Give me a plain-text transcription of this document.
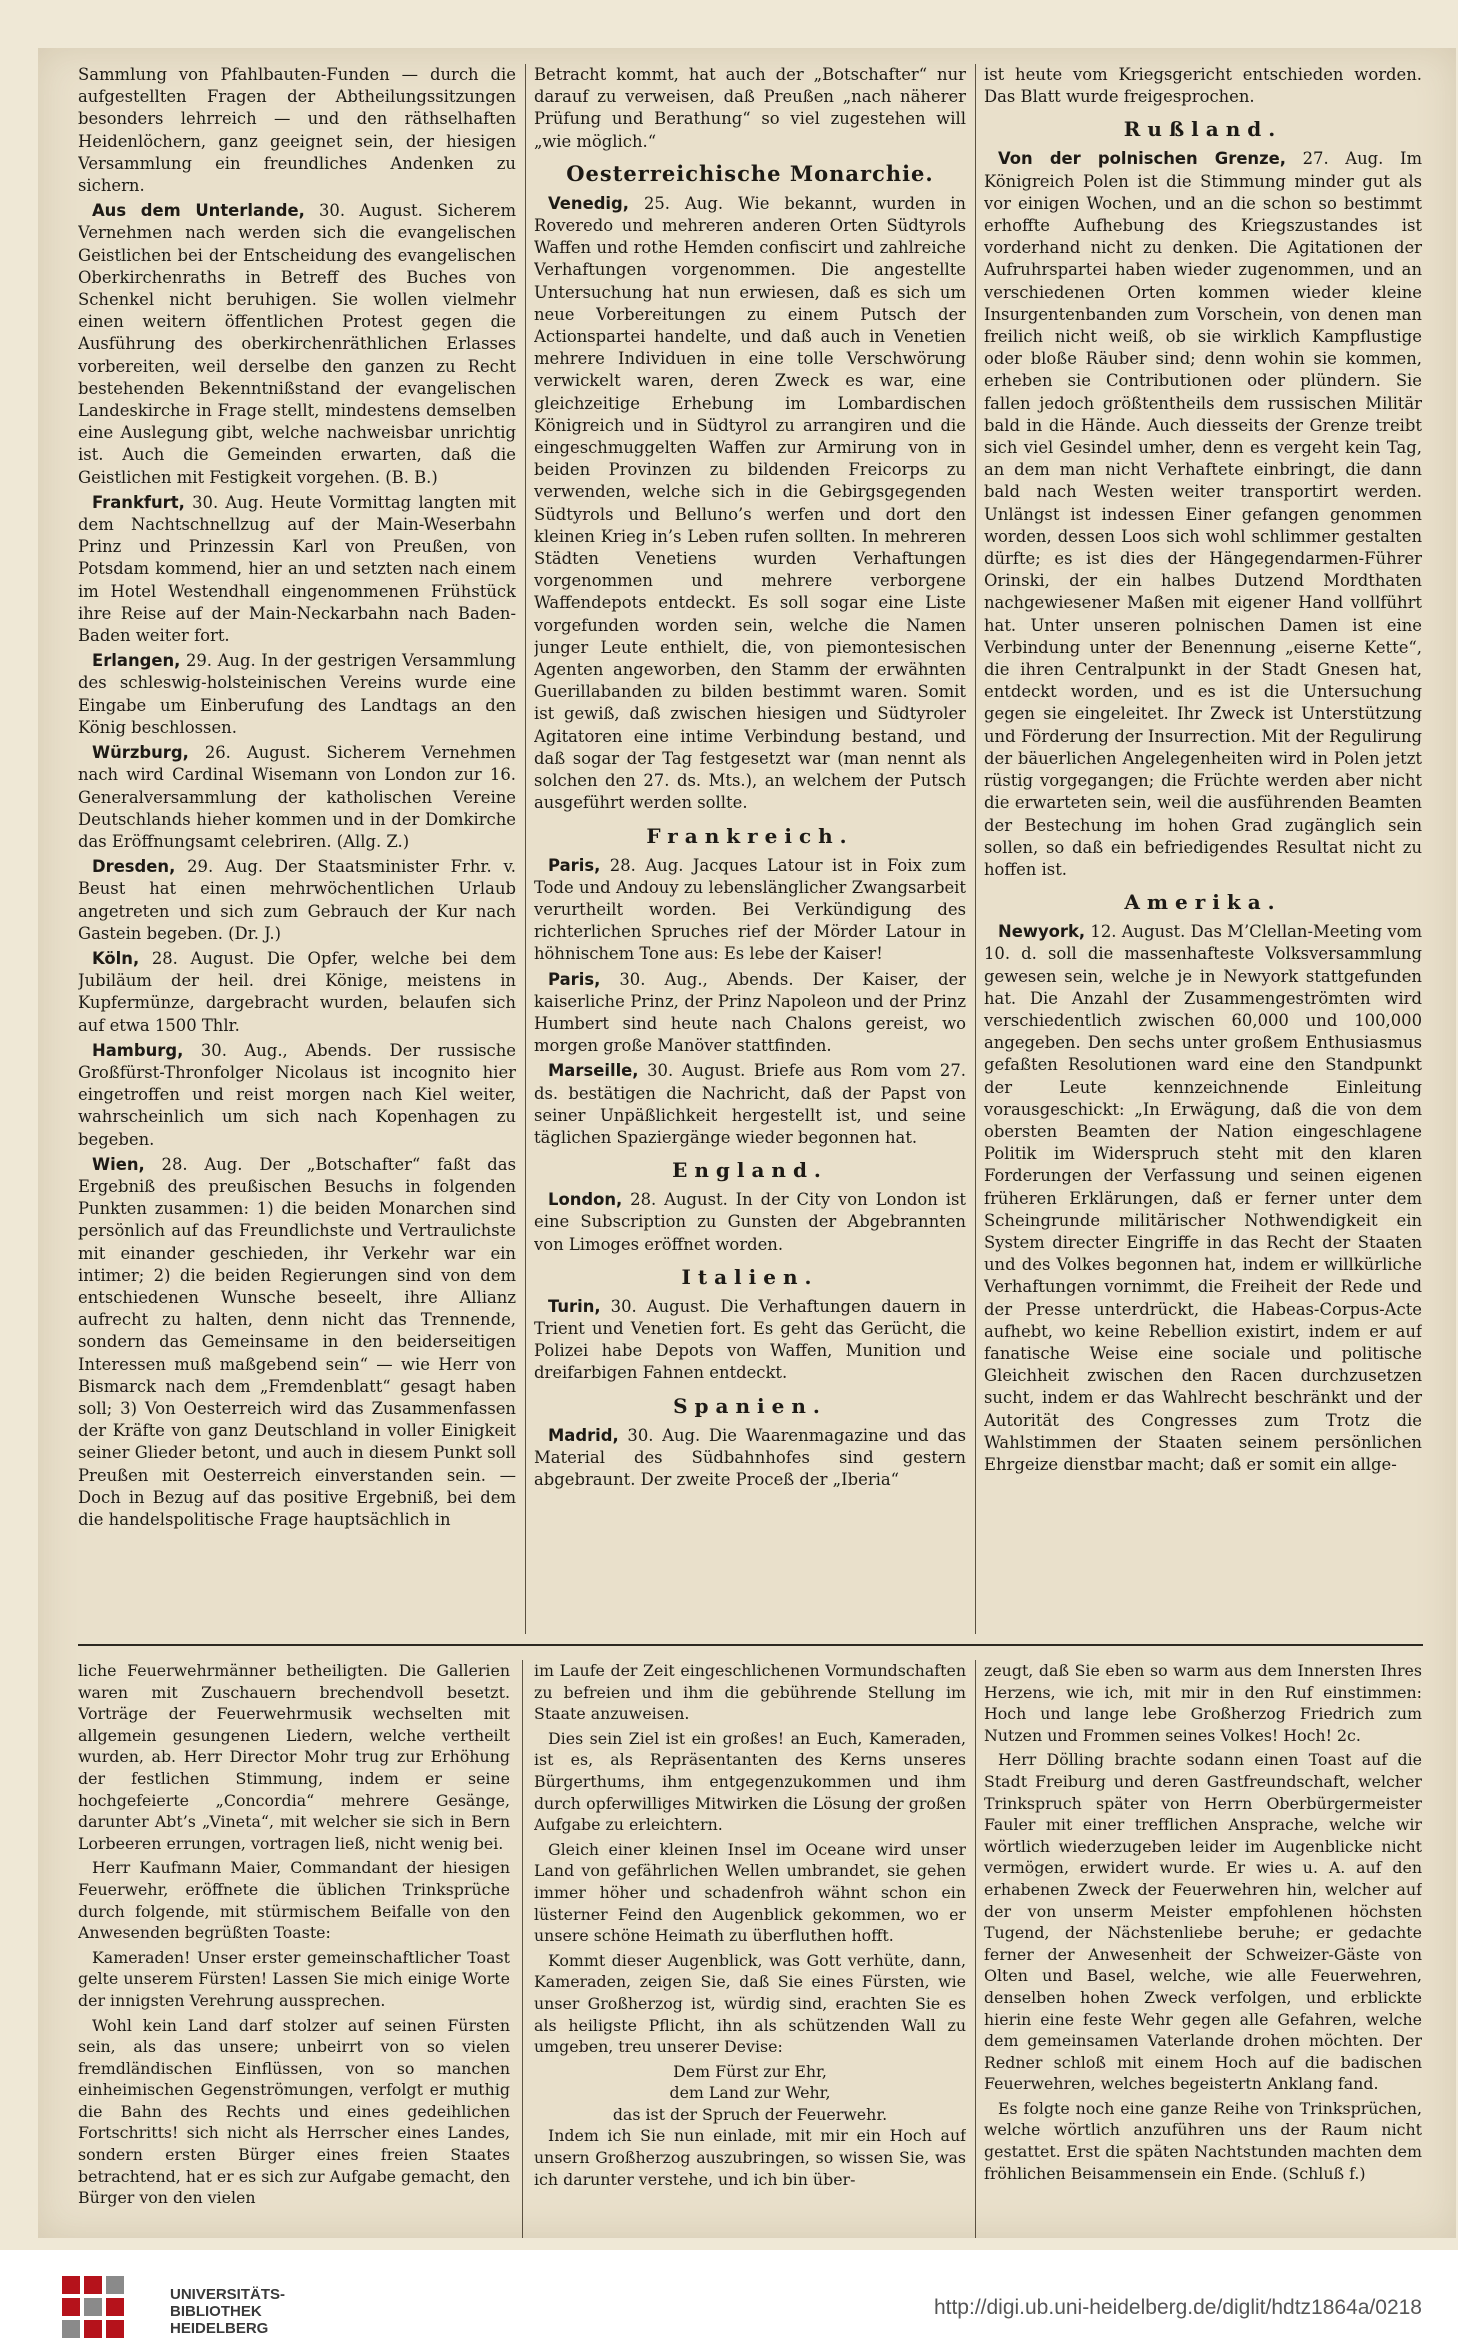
Sammlung von Pfahlbauten-Funden — durch die aufgestellten Fragen der Abtheilungssitzungen besonders lehrreich — und den räthselhaften Heidenlöchern, ganz geeignet sein, der hiesigen Versammlung ein freundliches Andenken zu sichern.

Aus dem Unterlande, 30. August. Sicherem Vernehmen nach werden sich die evangelischen Geistlichen bei der Entscheidung des evangelischen Oberkirchenraths in Betreff des Buches von Schenkel nicht beruhigen. Sie wollen vielmehr einen weitern öffentlichen Protest gegen die Ausführung des oberkirchenräthlichen Erlasses vorbereiten, weil derselbe den ganzen zu Recht bestehenden Bekenntnißstand der evangelischen Landeskirche in Frage stellt, mindestens demselben eine Auslegung gibt, welche nachweisbar unrichtig ist. Auch die Gemeinden erwarten, daß die Geistlichen mit Festigkeit vorgehen. (B. B.)

Frankfurt, 30. Aug. Heute Vormittag langten mit dem Nachtschnellzug auf der Main-Weserbahn Prinz und Prinzessin Karl von Preußen, von Potsdam kommend, hier an und setzten nach einem im Hotel Westendhall eingenommenen Frühstück ihre Reise auf der Main-Neckarbahn nach Baden-Baden weiter fort.

Erlangen, 29. Aug. In der gestrigen Versammlung des schleswig-holsteinischen Vereins wurde eine Eingabe um Einberufung des Landtags an den König beschlossen.

Würzburg, 26. August. Sicherem Vernehmen nach wird Cardinal Wisemann von London zur 16. Generalversammlung der katholischen Vereine Deutschlands hieher kommen und in der Domkirche das Eröffnungsamt celebriren. (Allg. Z.)

Dresden, 29. Aug. Der Staatsminister Frhr. v. Beust hat einen mehrwöchentlichen Urlaub angetreten und sich zum Gebrauch der Kur nach Gastein begeben. (Dr. J.)

Köln, 28. August. Die Opfer, welche bei dem Jubiläum der heil. drei Könige, meistens in Kupfermünze, dargebracht wurden, belaufen sich auf etwa 1500 Thlr.

Hamburg, 30. Aug., Abends. Der russische Großfürst-Thronfolger Nicolaus ist incognito hier eingetroffen und reist morgen nach Kiel weiter, wahrscheinlich um sich nach Kopenhagen zu begeben.

Wien, 28. Aug. Der „Botschafter“ faßt das Ergebniß des preußischen Besuchs in folgenden Punkten zusammen: 1) die beiden Monarchen sind persönlich auf das Freundlichste und Vertraulichste mit einander geschieden, ihr Verkehr war ein intimer; 2) die beiden Regierungen sind von dem entschiedenen Wunsche beseelt, ihre Allianz aufrecht zu halten, denn nicht das Trennende, sondern das Gemeinsame in den beiderseitigen Interessen muß maßgebend sein“ — wie Herr von Bismarck nach dem „Fremdenblatt“ gesagt haben soll; 3) Von Oesterreich wird das Zusammenfassen der Kräfte von ganz Deutschland in voller Einigkeit seiner Glieder betont, und auch in diesem Punkt soll Preußen mit Oesterreich einverstanden sein. — Doch in Bezug auf das positive Ergebniß, bei dem die handelspolitische Frage hauptsächlich in

Betracht kommt, hat auch der „Botschafter“ nur darauf zu verweisen, daß Preußen „nach näherer Prüfung und Berathung“ so viel zugestehen will „wie möglich.“

Oesterreichische Monarchie.

Venedig, 25. Aug. Wie bekannt, wurden in Roveredo und mehreren anderen Orten Südtyrols Waffen und rothe Hemden confiscirt und zahlreiche Verhaftungen vorgenommen. Die angestellte Untersuchung hat nun erwiesen, daß es sich um neue Vorbereitungen zu einem Putsch der Actionspartei handelte, und daß auch in Venetien mehrere Individuen in eine tolle Verschwörung verwickelt waren, deren Zweck es war, eine gleichzeitige Erhebung im Lombardischen Königreich und in Südtyrol zu arrangiren und die eingeschmuggelten Waffen zur Armirung von in beiden Provinzen zu bildenden Freicorps zu verwenden, welche sich in die Gebirgsgegenden Südtyrols und Belluno’s werfen und dort den kleinen Krieg in’s Leben rufen sollten. In mehreren Städten Venetiens wurden Verhaftungen vorgenommen und mehrere verborgene Waffendepots entdeckt. Es soll sogar eine Liste vorgefunden worden sein, welche die Namen junger Leute enthielt, die, von piemontesischen Agenten angeworben, den Stamm der erwähnten Guerillabanden zu bilden bestimmt waren. Somit ist gewiß, daß zwischen hiesigen und Südtyroler Agitatoren eine intime Verbindung bestand, und daß sogar der Tag festgesetzt war (man nennt als solchen den 27. ds. Mts.), an welchem der Putsch ausgeführt werden sollte.

Frankreich.

Paris, 28. Aug. Jacques Latour ist in Foix zum Tode und Andouy zu lebenslänglicher Zwangsarbeit verurtheilt worden. Bei Verkündigung des richterlichen Spruches rief der Mörder Latour in höhnischem Tone aus: Es lebe der Kaiser!

Paris, 30. Aug., Abends. Der Kaiser, der kaiserliche Prinz, der Prinz Napoleon und der Prinz Humbert sind heute nach Chalons gereist, wo morgen große Manöver stattfinden.

Marseille, 30. August. Briefe aus Rom vom 27. ds. bestätigen die Nachricht, daß der Papst von seiner Unpäßlichkeit hergestellt ist, und seine täglichen Spaziergänge wieder begonnen hat.

England.

London, 28. August. In der City von London ist eine Subscription zu Gunsten der Abgebrannten von Limoges eröffnet worden.

Italien.

Turin, 30. August. Die Verhaftungen dauern in Trient und Venetien fort. Es geht das Gerücht, die Polizei habe Depots von Waffen, Munition und dreifarbigen Fahnen entdeckt.

Spanien.

Madrid, 30. Aug. Die Waarenmagazine und das Material des Südbahnhofes sind gestern abgebraunt. Der zweite Proceß der „Iberia“

ist heute vom Kriegsgericht entschieden worden. Das Blatt wurde freigesprochen.

Rußland.

Von der polnischen Grenze, 27. Aug. Im Königreich Polen ist die Stimmung minder gut als vor einigen Wochen, und an die schon so bestimmt erhoffte Aufhebung des Kriegszustandes ist vorderhand nicht zu denken. Die Agitationen der Aufruhrspartei haben wieder zugenommen, und an verschiedenen Orten kommen wieder kleine Insurgentenbanden zum Vorschein, von denen man freilich nicht weiß, ob sie wirklich Kampflustige oder bloße Räuber sind; denn wohin sie kommen, erheben sie Contributionen oder plündern. Sie fallen jedoch größtentheils dem russischen Militär bald in die Hände. Auch diesseits der Grenze treibt sich viel Gesindel umher, denn es vergeht kein Tag, an dem man nicht Verhaftete einbringt, die dann bald nach Westen weiter transportirt werden. Unlängst ist indessen Einer gefangen genommen worden, dessen Loos sich wohl schlimmer gestalten dürfte; es ist dies der Hängegendarmen-Führer Orinski, der ein halbes Dutzend Mordthaten nachgewiesener Maßen mit eigener Hand vollführt hat. Unter unseren polnischen Damen ist eine Verbindung unter der Benennung „eiserne Kette“, die ihren Centralpunkt in der Stadt Gnesen hat, entdeckt worden, und es ist die Untersuchung gegen sie eingeleitet. Ihr Zweck ist Unterstützung und Förderung der Insurrection. Mit der Regulirung der bäuerlichen Angelegenheiten wird in Polen jetzt rüstig vorgegangen; die Früchte werden aber nicht die erwarteten sein, weil die ausführenden Beamten der Bestechung im hohen Grad zugänglich sein sollen, so daß ein befriedigendes Resultat nicht zu hoffen ist.

Amerika.

Newyork, 12. August. Das M’Clellan-Meeting vom 10. d. soll die massenhafteste Volksversammlung gewesen sein, welche je in Newyork stattgefunden hat. Die Anzahl der Zusammengeströmten wird verschiedentlich zwischen 60,000 und 100,000 angegeben. Den sechs unter großem Enthusiasmus gefaßten Resolutionen ward eine den Standpunkt der Leute kennzeichnende Einleitung vorausgeschickt: „In Erwägung, daß die von dem obersten Beamten der Nation eingeschlagene Politik im Widerspruch steht mit den klaren Forderungen der Verfassung und seinen eigenen früheren Erklärungen, daß er ferner unter dem Scheingrunde militärischer Nothwendigkeit ein System directer Eingriffe in das Recht der Staaten und des Volkes begonnen hat, indem er willkürliche Verhaftungen vornimmt, die Freiheit der Rede und der Presse unterdrückt, die Habeas-Corpus-Acte aufhebt, wo keine Rebellion existirt, indem er auf fanatische Weise eine sociale und politische Gleichheit zwischen den Racen durchzusetzen sucht, indem er das Wahlrecht beschränkt und der Autorität des Congresses zum Trotz die Wahlstimmen der Staaten seinem persönlichen Ehrgeize dienstbar macht; daß er somit ein allge-

liche Feuerwehrmänner betheiligten. Die Gallerien waren mit Zuschauern brechendvoll besetzt. Vorträge der Feuerwehrmusik wechselten mit allgemein gesungenen Liedern, welche vertheilt wurden, ab. Herr Director Mohr trug zur Erhöhung der festlichen Stimmung, indem er seine hochgefeierte „Concordia“ mehrere Gesänge, darunter Abt’s „Vineta“, mit welcher sie sich in Bern Lorbeeren errungen, vortragen ließ, nicht wenig bei.

Herr Kaufmann Maier, Commandant der hiesigen Feuerwehr, eröffnete die üblichen Trinksprüche durch folgende, mit stürmischem Beifalle von den Anwesenden begrüßten Toaste:

Kameraden! Unser erster gemeinschaftlicher Toast gelte unserem Fürsten! Lassen Sie mich einige Worte der innigsten Verehrung aussprechen.

Wohl kein Land darf stolzer auf seinen Fürsten sein, als das unsere; unbeirrt von so vielen fremdländischen Einflüssen, von so manchen einheimischen Gegenströmungen, verfolgt er muthig die Bahn des Rechts und eines gedeihlichen Fortschritts! sich nicht als Herrscher eines Landes, sondern ersten Bürger eines freien Staates betrachtend, hat er es sich zur Aufgabe gemacht, den Bürger von den vielen

im Laufe der Zeit eingeschlichenen Vormundschaften zu befreien und ihm die gebührende Stellung im Staate anzuweisen.

Dies sein Ziel ist ein großes! an Euch, Kameraden, ist es, als Repräsentanten des Kerns unseres Bürgerthums, ihm entgegenzukommen und ihm durch opferwilliges Mitwirken die Lösung der großen Aufgabe zu erleichtern.

Gleich einer kleinen Insel im Oceane wird unser Land von gefährlichen Wellen umbrandet, sie gehen immer höher und schadenfroh wähnt schon ein lüsterner Feind den Augenblick gekommen, wo er unsere schöne Heimath zu überfluthen hofft.

Kommt dieser Augenblick, was Gott verhüte, dann, Kameraden, zeigen Sie, daß Sie eines Fürsten, wie unser Großherzog ist, würdig sind, erachten Sie es als heiligste Pflicht, ihn als schützenden Wall zu umgeben, treu unserer Devise:

Dem Fürst zur Ehr,

dem Land zur Wehr,

das ist der Spruch der Feuerwehr.

Indem ich Sie nun einlade, mit mir ein Hoch auf unsern Großherzog auszubringen, so wissen Sie, was ich darunter verstehe, und ich bin über-

zeugt, daß Sie eben so warm aus dem Innersten Ihres Herzens, wie ich, mit mir in den Ruf einstimmen: Hoch und lange lebe Großherzog Friedrich zum Nutzen und Frommen seines Volkes! Hoch! 2c.

Herr Dölling brachte sodann einen Toast auf die Stadt Freiburg und deren Gastfreundschaft, welcher Trinkspruch später von Herrn Oberbürgermeister Fauler mit einer trefflichen Ansprache, welche wir wörtlich wiederzugeben leider im Augenblicke nicht vermögen, erwidert wurde. Er wies u. A. auf den erhabenen Zweck der Feuerwehren hin, welcher auf der von unserm Meister empfohlenen höchsten Tugend, der Nächstenliebe beruhe; er gedachte ferner der Anwesenheit der Schweizer-Gäste von Olten und Basel, welche, wie alle Feuerwehren, denselben hohen Zweck verfolgen, und erblickte hierin eine feste Wehr gegen alle Gefahren, welche dem gemeinsamen Vaterlande drohen möchten. Der Redner schloß mit einem Hoch auf die badischen Feuerwehren, welches begeistertn Anklang fand.

Es folgte noch eine ganze Reihe von Trinksprüchen, welche wörtlich anzuführen uns der Raum nicht gestattet. Erst die späten Nachtstunden machten dem fröhlichen Beisammensein ein Ende. (Schluß f.)

UNIVERSITÄTS-
BIBLIOTHEK
HEIDELBERG
http://digi.ub.uni-heidelberg.de/diglit/hdtz1864a/0218
